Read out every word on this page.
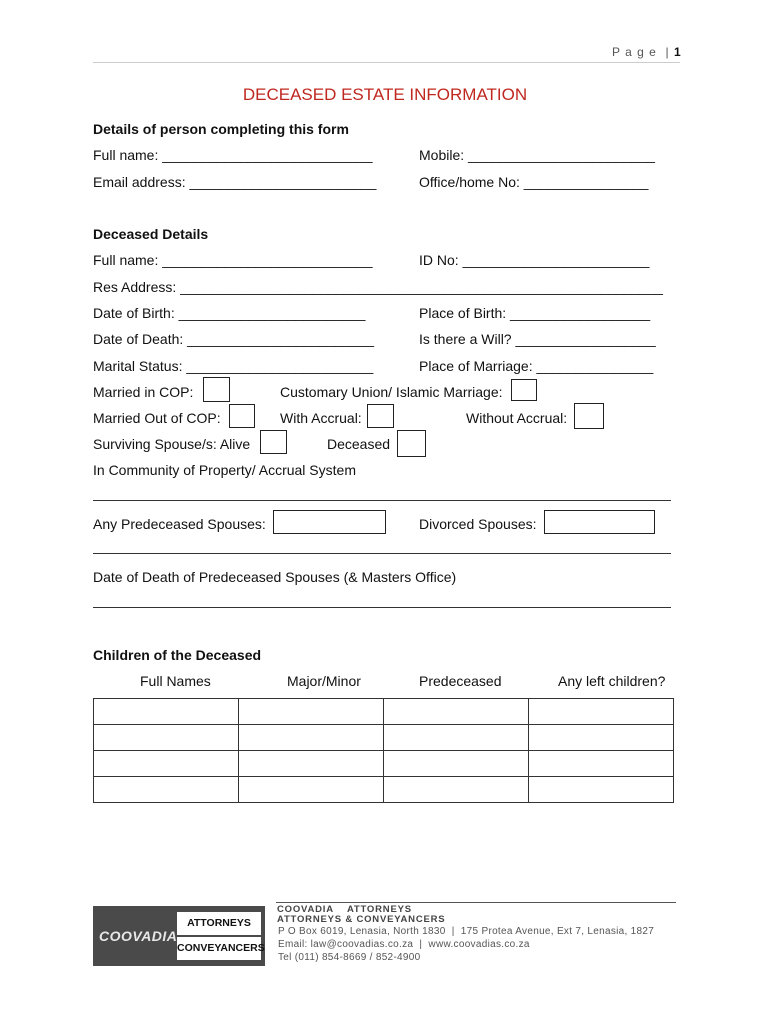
P a g e  | 1
DECEASED ESTATE INFORMATION
Details of person completing this form
Full name: ___________________________	Mobile: ________________________
Email address: ________________________	Office/home No: ________________
Deceased Details
Full name: ___________________________	ID No: ________________________
Res Address: ______________________________________________________________
Date of Birth: ________________________	Place of Birth: __________________
Date of Death: ________________________	Is there a Will? __________________
Marital Status: ________________________	Place of Marriage: _______________
Married in COP:	Customary Union/ Islamic Marriage:
Married Out of COP:	With Accrual:	Without Accrual:
Surviving Spouse/s: Alive	Deceased
In Community of Property/ Accrual System
Any Predeceased Spouses:	Divorced Spouses:
Date of Death of Predeceased Spouses (& Masters Office)
Children of the Deceased
Full Names	Major/Minor	Predeceased	Any left children?

COOVADIA
ATTORNEYS
CONVEYANCERS
COOVADIA    ATTORNEYS
ATTORNEYS & CONVEYANCERS
P O Box 6019, Lenasia, North 1830  |  175 Protea Avenue, Ext 7, Lenasia, 1827
Email: law@coovadias.co.za  |  www.coovadias.co.za
Tel (011) 854-8669 / 852-4900
